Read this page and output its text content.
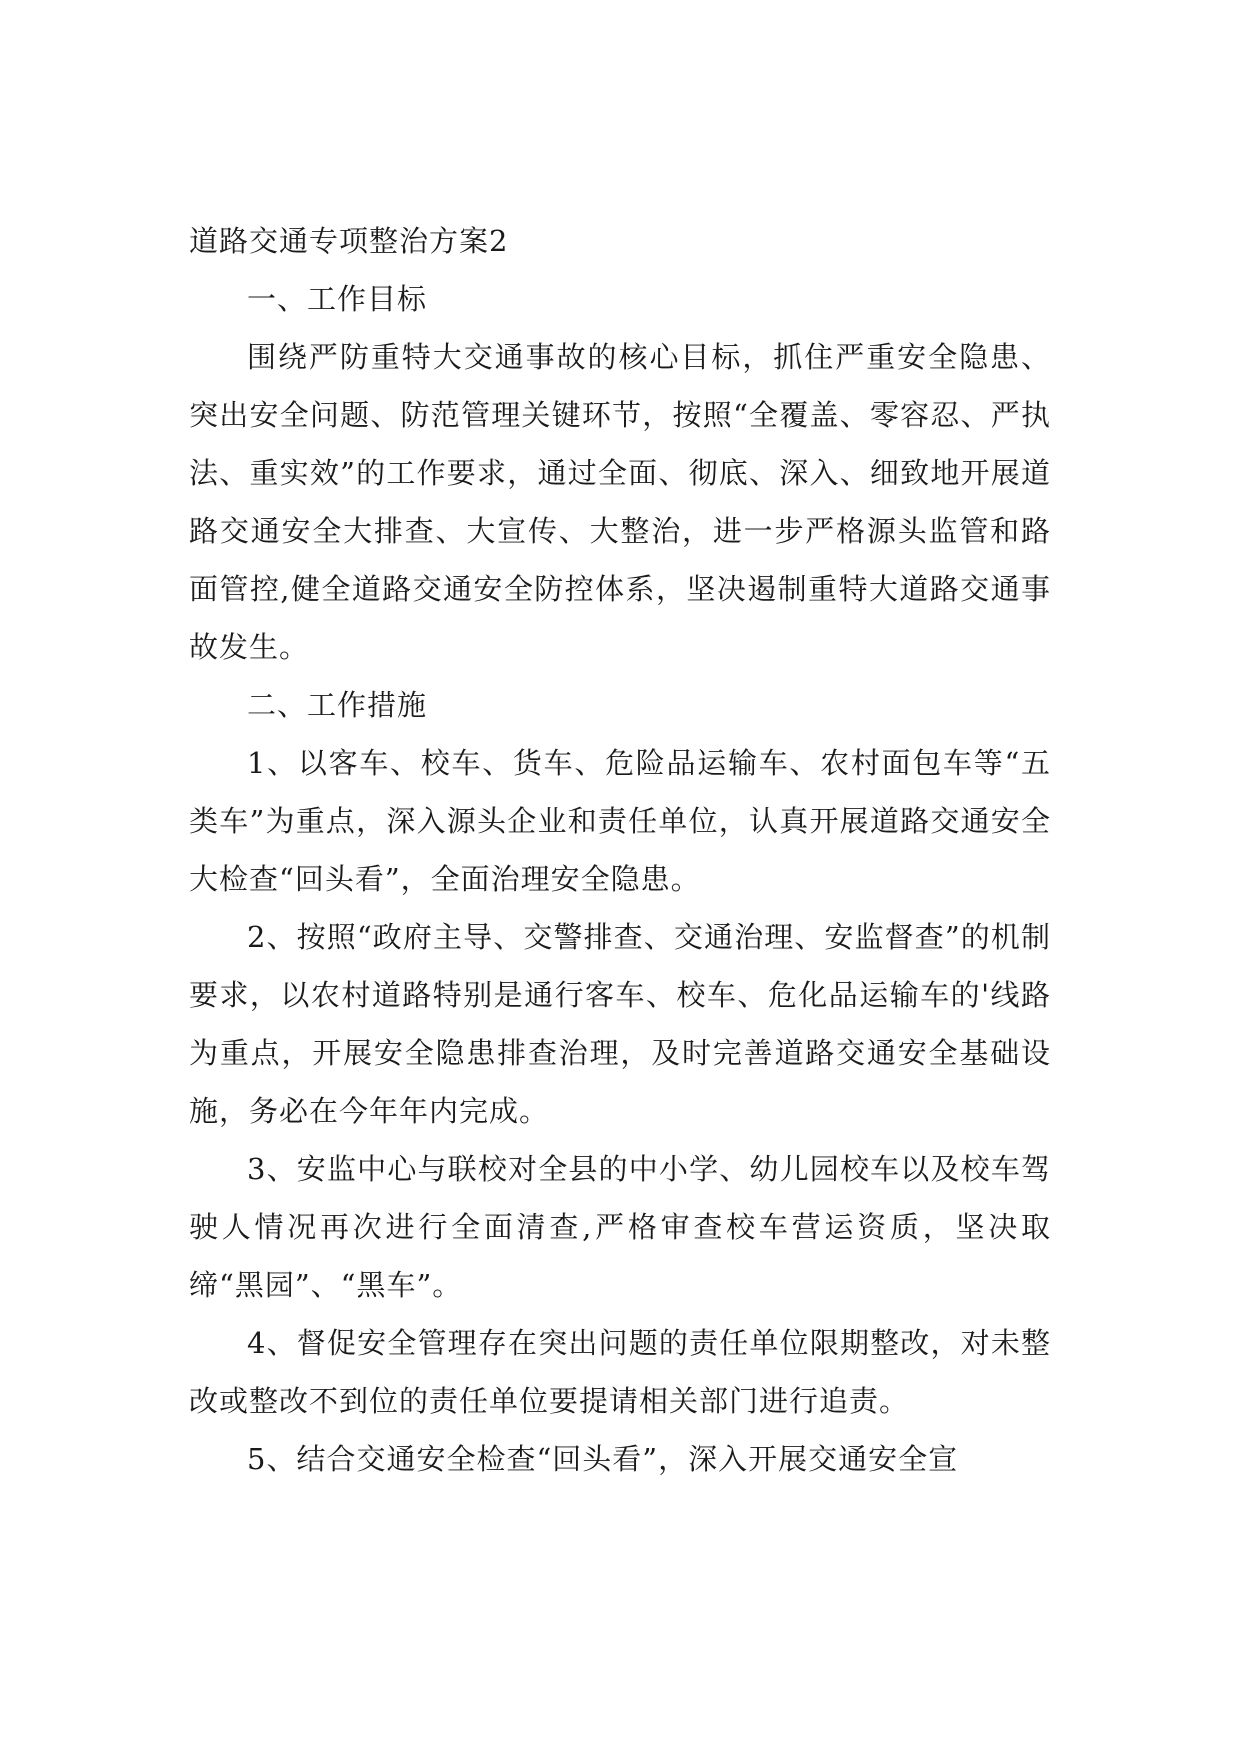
道路交通专项整治方案2

一、工作目标

围绕严防重特大交通事故的核心目标，抓住严重安全隐患、突出安全问题、防范管理关键环节，按照“全覆盖、零容忍、严执法、重实效”的工作要求，通过全面、彻底、深入、细致地开展道路交通安全大排查、大宣传、大整治，进一步严格源头监管和路面管控,健全道路交通安全防控体系，坚决遏制重特大道路交通事故发生。

二、工作措施

1、以客车、校车、货车、危险品运输车、农村面包车等“五类车”为重点，深入源头企业和责任单位，认真开展道路交通安全大检查“回头看”，全面治理安全隐患。

2、按照“政府主导、交警排查、交通治理、安监督查”的机制要求，以农村道路特别是通行客车、校车、危化品运输车的'线路为重点，开展安全隐患排查治理，及时完善道路交通安全基础设施，务必在今年年内完成。

3、安监中心与联校对全县的中小学、幼儿园校车以及校车驾驶人情况再次进行全面清查,严格审查校车营运资质，坚决取缔“黑园”、“黑车”。

4、督促安全管理存在突出问题的责任单位限期整改，对未整改或整改不到位的责任单位要提请相关部门进行追责。

5、结合交通安全检查“回头看”，深入开展交通安全宣
